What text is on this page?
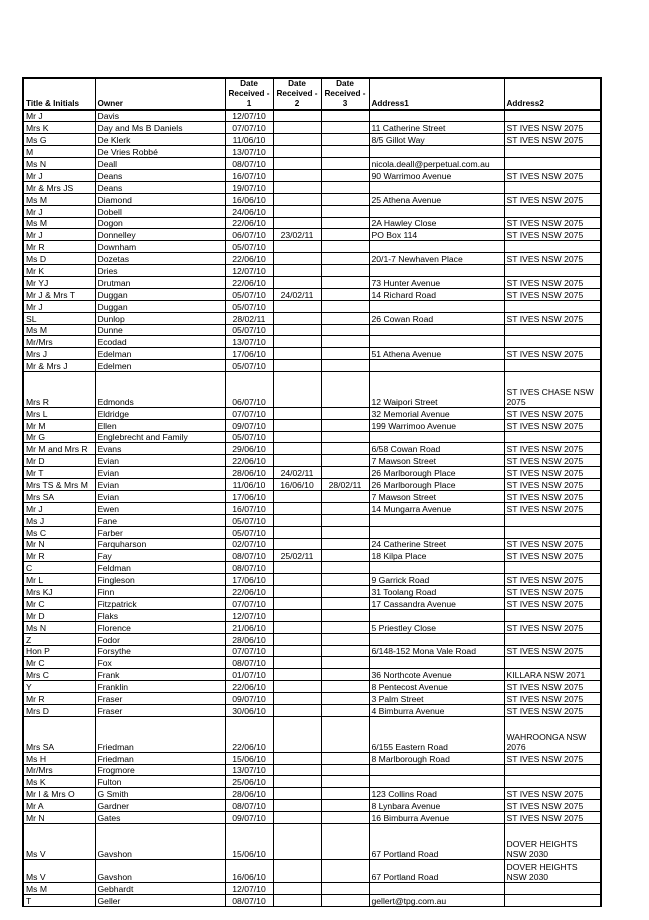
Title & Initials	Owner	Date Received - 1	Date Received - 2	Date Received - 3	Address1	Address2
Mr J	Davis	12/07/10				
Mrs K	Day and Ms B Daniels	07/07/10			11 Catherine Street	ST IVES NSW 2075
Ms G	De Klerk	11/06/10			8/5 Gillot Way	ST IVES NSW 2075
M	De Vries Robbé	13/07/10				
Ms N	Deall	08/07/10			nicola.deall@perpetual.com.au	
Mr J	Deans	16/07/10			90 Warrimoo Avenue	ST IVES NSW 2075
Mr & Mrs JS	Deans	19/07/10				
Ms M	Diamond	16/06/10			25 Athena Avenue	ST IVES NSW 2075
Mr J	Dobell	24/06/10				
Ms M	Dogon	22/06/10			2A Hawley Close	ST IVES NSW 2075
Mr J	Donnelley	06/07/10	23/02/11		PO Box 114	ST IVES NSW 2075
Mr R	Downham	05/07/10				
Ms D	Dozetas	22/06/10			20/1-7 Newhaven Place	ST IVES NSW 2075
Mr K	Dries	12/07/10				
Mr YJ	Drutman	22/06/10			73 Hunter Avenue	ST IVES NSW 2075
Mr J & Mrs T	Duggan	05/07/10	24/02/11		14 Richard Road	ST IVES NSW 2075
Mr J	Duggan	05/07/10				
SL	Dunlop	28/02/11			26 Cowan Road	ST IVES NSW 2075
Ms M	Dunne	05/07/10				
Mr/Mrs	Ecodad	13/07/10				
Mrs J	Edelman	17/06/10			51 Athena Avenue	ST IVES NSW 2075
Mr & Mrs J	Edelmen	05/07/10				
Mrs R	Edmonds	06/07/10			12 Waipori Street	ST IVES CHASE NSW 2075
Mrs L	Eldridge	07/07/10			32 Memorial Avenue	ST IVES NSW 2075
Mr M	Ellen	09/07/10			199 Warrimoo Avenue	ST IVES NSW 2075
Mr G	Englebrecht and Family	05/07/10				
Mr M and Mrs R	Evans	29/06/10			6/58 Cowan Road	ST IVES NSW 2075
Mr D	Evian	22/06/10			7 Mawson Street	ST IVES NSW 2075
Mr T	Evian	28/06/10	24/02/11		26 Marlborough Place	ST IVES NSW 2075
Mrs TS & Mrs M	Evian	11/06/10	16/06/10	28/02/11	26 Marlborough Place	ST IVES NSW 2075
Mrs SA	Evian	17/06/10			7 Mawson Street	ST IVES NSW 2075
Mr J	Ewen	16/07/10			14 Mungarra Avenue	ST IVES NSW 2075
Ms J	Fane	05/07/10				
Ms C	Farber	05/07/10				
Mr N	Farquharson	02/07/10			24 Catherine Street	ST IVES NSW 2075
Mr R	Fay	08/07/10	25/02/11		18 Kilpa Place	ST IVES NSW 2075
C	Feldman	08/07/10				
Mr L	Fingleson	17/06/10			9 Garrick Road	ST IVES NSW 2075
Mrs KJ	Finn	22/06/10			31 Toolang Road	ST IVES NSW 2075
Mr C	Fitzpatrick	07/07/10			17 Cassandra Avenue	ST IVES NSW 2075
Mr D	Flaks	12/07/10				
Ms N	Florence	21/06/10			5 Priestley Close	ST IVES NSW 2075
Z	Fodor	28/06/10				
Hon P	Forsythe	07/07/10			6/148-152 Mona Vale Road	ST IVES NSW 2075
Mr C	Fox	08/07/10				
Mrs C	Frank	01/07/10			36 Northcote Avenue	KILLARA NSW 2071
Y	Franklin	22/06/10			8 Pentecost Avenue	ST IVES NSW 2075
Mr R	Fraser	09/07/10			3 Palm Street	ST IVES NSW 2075
Mrs D	Fraser	30/06/10			4 Bimburra Avenue	ST IVES NSW 2075
Mrs SA	Friedman	22/06/10			6/155 Eastern Road	WAHROONGA NSW 2076
Ms H	Friedman	15/06/10			8 Marlborough Road	ST IVES NSW 2075
Mr/Mrs	Frogmore	13/07/10				
Ms K	Fulton	25/06/10				
Mr I & Mrs O	G Smith	28/06/10			123 Collins Road	ST IVES NSW 2075
Mr A	Gardner	08/07/10			8 Lynbara Avenue	ST IVES NSW 2075
Mr N	Gates	09/07/10			16 Bimburra Avenue	ST IVES NSW 2075
Ms V	Gavshon	15/06/10			67 Portland Road	DOVER HEIGHTS NSW 2030
Ms V	Gavshon	16/06/10			67 Portland Road	DOVER HEIGHTS NSW 2030
Ms M	Gebhardt	12/07/10				
T	Geller	08/07/10			gellert@tpg.com.au	
